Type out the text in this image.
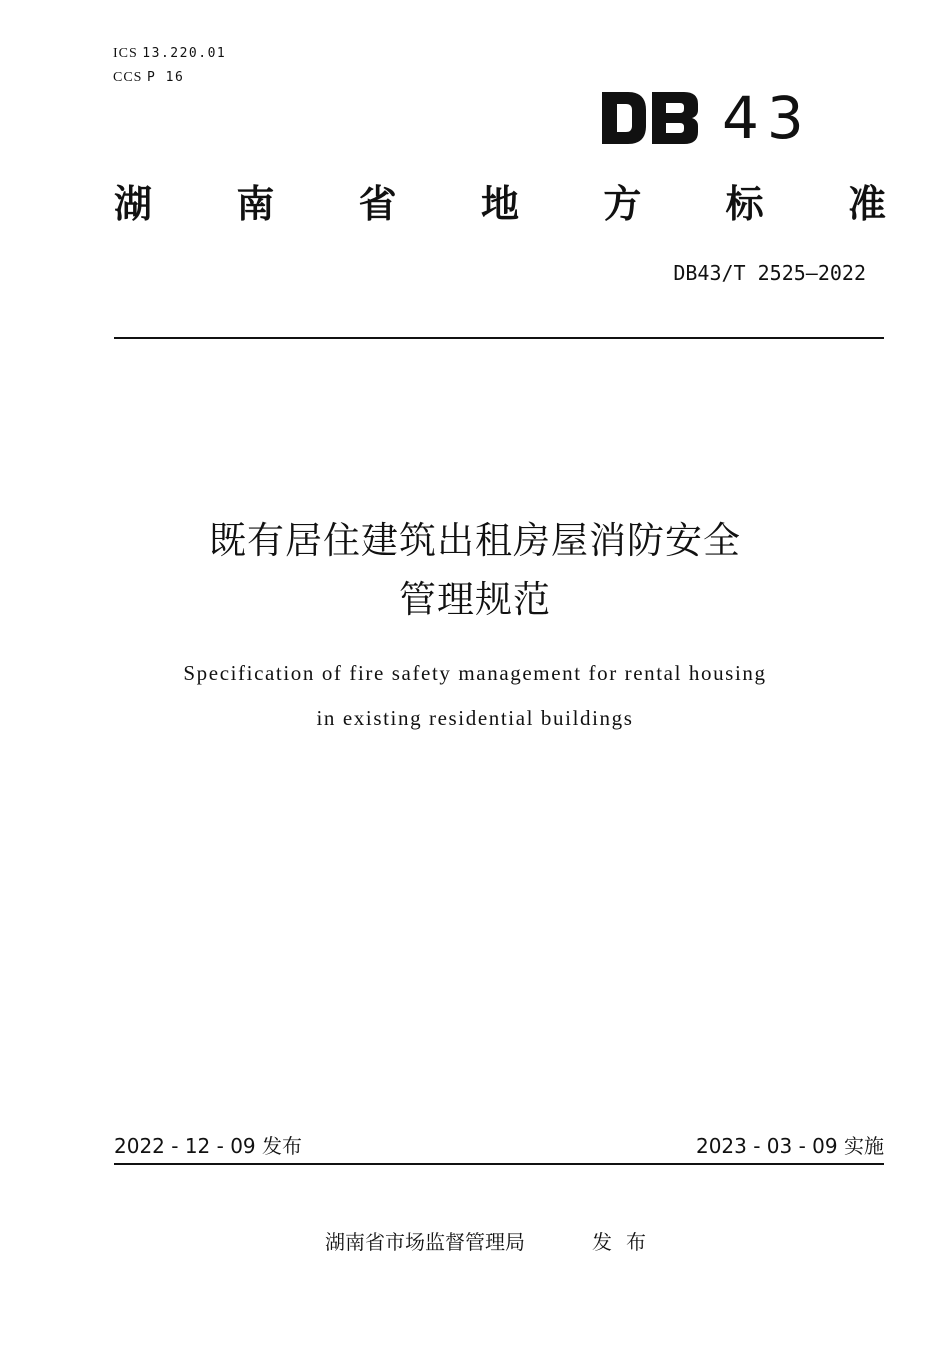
ICS 13.220.01
CCS P 16
43
湖 南 省 地 方 标 准
DB43/T 2525—2022
既有居住建筑出租房屋消防安全
管理规范
Specification of fire safety management for rental housing
in existing residential buildings
2022 - 12 - 09 发布	2023 - 03 - 09 实施
湖南省市场监督管理局	发布
